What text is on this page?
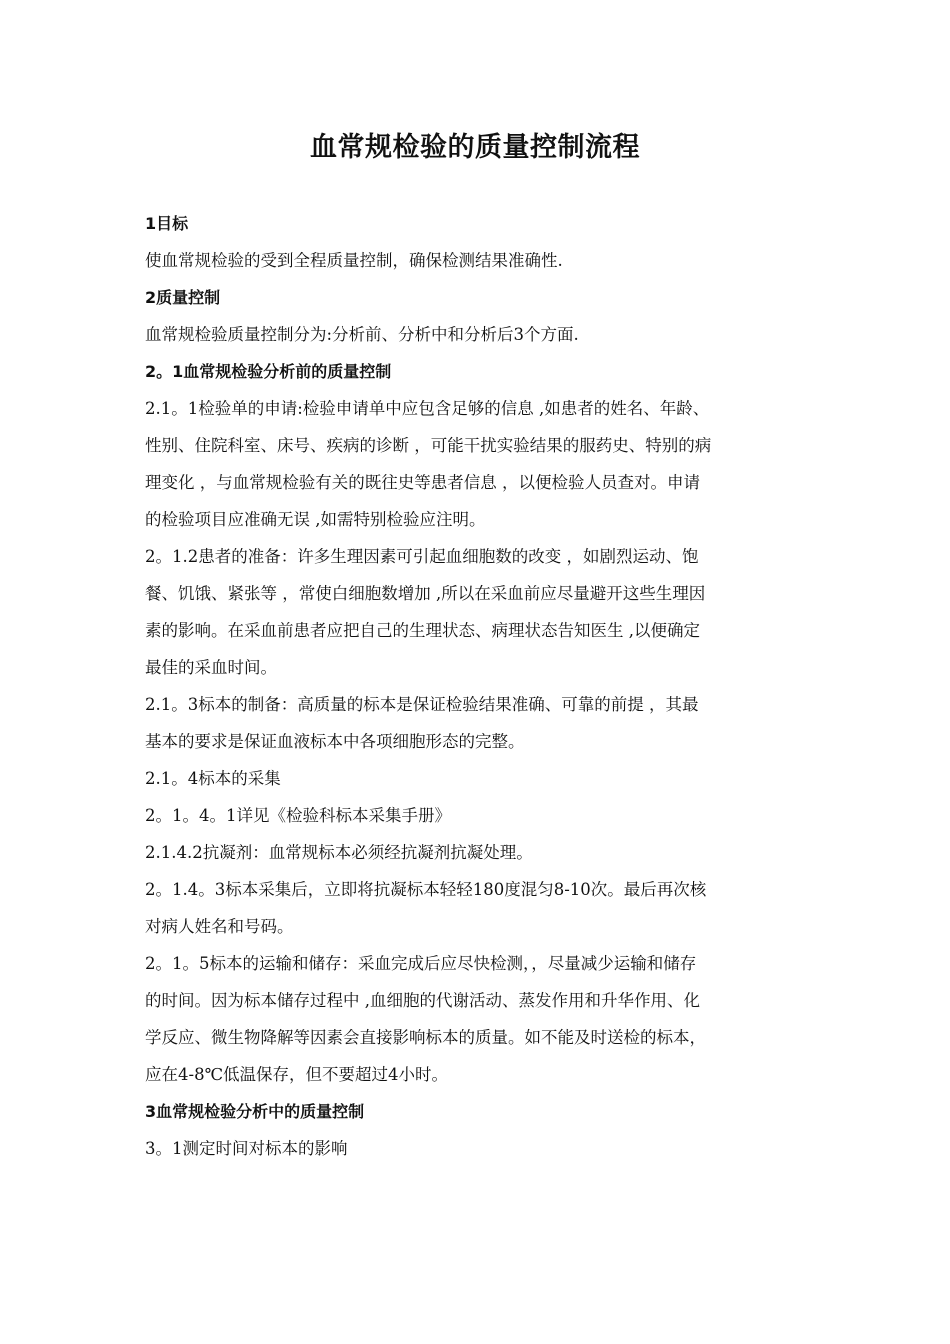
血常规检验的质量控制流程
1目标
使血常规检验的受到全程质量控制，确保检测结果准确性.
2质量控制
血常规检验质量控制分为:分析前、分析中和分析后3个方面.
2。1血常规检验分析前的质量控制
2.1。1检验单的申请:检验申请单中应包含足够的信息 ,如患者的姓名、年龄、
性别、住院科室、床号、疾病的诊断 ，可能干扰实验结果的服药史、特别的病
理变化 ，与血常规检验有关的既往史等患者信息 ，以便检验人员查对。申请
的检验项目应准确无误 ,如需特别检验应注明。
2。1.2患者的准备：许多生理因素可引起血细胞数的改变 ，如剧烈运动、饱
餐、饥饿、紧张等 ，常使白细胞数增加 ,所以在采血前应尽量避开这些生理因
素的影响。在采血前患者应把自己的生理状态、病理状态告知医生 ,以便确定
最佳的采血时间。
2.1。3标本的制备：高质量的标本是保证检验结果准确、可靠的前提 ，其最
基本的要求是保证血液标本中各项细胞形态的完整。
2.1。4标本的采集
2。1。4。1详见《检验科标本采集手册》
2.1.4.2抗凝剂：血常规标本必须经抗凝剂抗凝处理。
2。1.4。3标本采集后，立即将抗凝标本轻轻180度混匀8-10次。最后再次核
对病人姓名和号码。
2。1。5标本的运输和储存：采血完成后应尽快检测，，尽量减少运输和储存
的时间。因为标本储存过程中 ,血细胞的代谢活动、蒸发作用和升华作用、化
学反应、微生物降解等因素会直接影响标本的质量。如不能及时送检的标本，
应在4-8℃低温保存，但不要超过4小时。
3血常规检验分析中的质量控制
3。1测定时间对标本的影响
